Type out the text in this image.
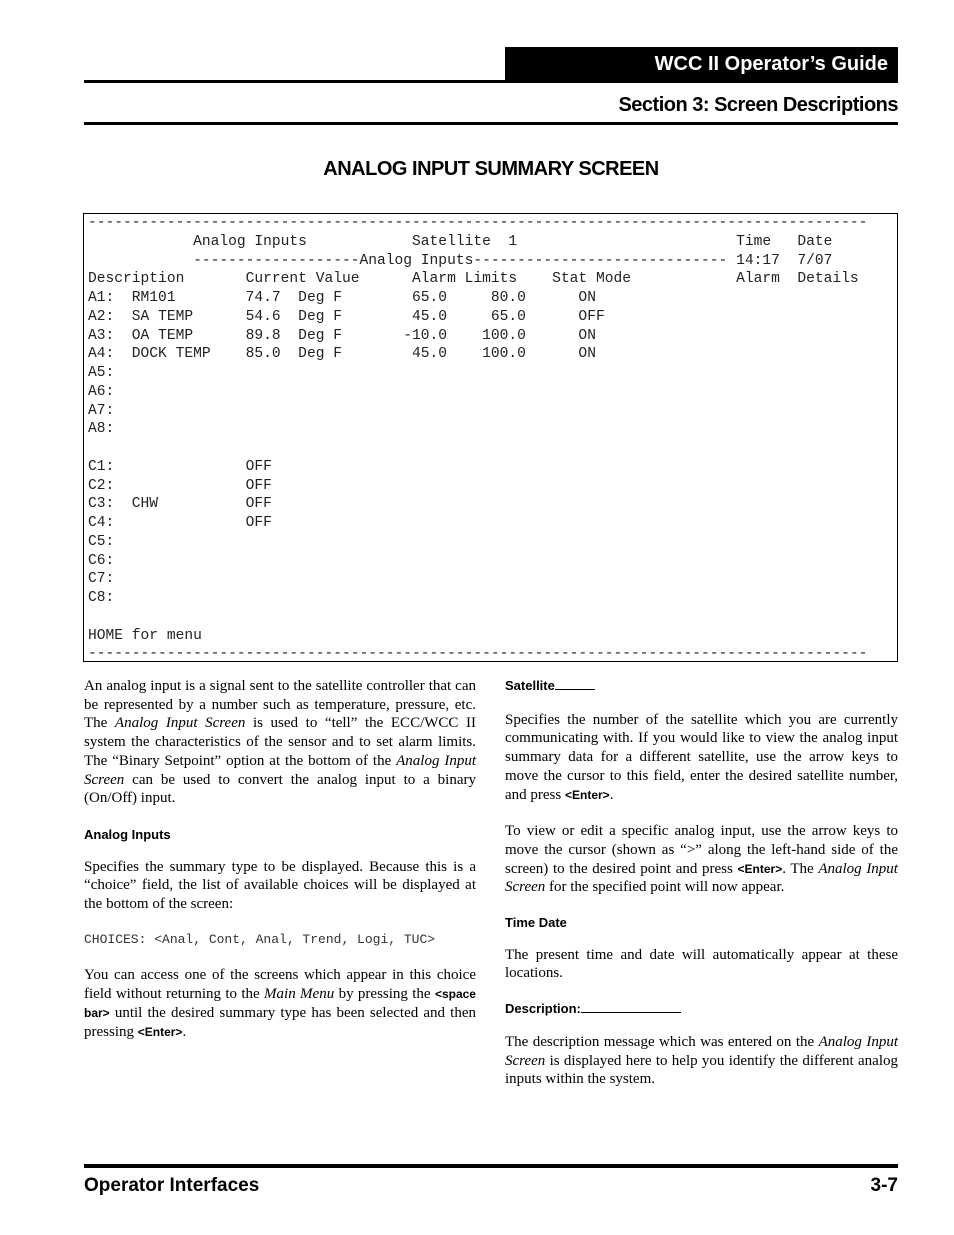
WCC II Operator’s Guide
Section 3: Screen Descriptions
ANALOG INPUT SUMMARY SCREEN
-----------------------------------------------------------------------------------------
Analog Inputs            Satellite  1                         Time   Date
-------------------Analog Inputs----------------------------- 14:17  7/07
Description       Current Value      Alarm Limits    Stat Mode            Alarm  Details
A1:  RM101        74.7  Deg F        65.0     80.0      ON
A2:  SA TEMP      54.6  Deg F        45.0     65.0      OFF
A3:  OA TEMP      89.8  Deg F       -10.0    100.0      ON
A4:  DOCK TEMP    85.0  Deg F        45.0    100.0      ON
A5:
A6:
A7:
A8:

C1:               OFF
C2:               OFF
C3:  CHW          OFF
C4:               OFF
C5:
C6:
C7:
C8:

HOME for menu
-----------------------------------------------------------------------------------------

An analog input is a signal sent to the satellite controller that can be represented by a number such as temperature, pressure, etc. The Analog Input Screen is used to “tell” the ECC/WCC II system the characteristics of the sensor and to set alarm limits. The “Binary Setpoint” option at the bottom of the Analog Input Screen can be used to convert the analog input to a binary (On/Off) input.

Analog Inputs

Specifies the summary type to be displayed. Because this is a “choice” field, the list of available choices will be displayed at the bottom of the screen:

CHOICES: <Anal, Cont, Anal, Trend, Logi, TUC>

You can access one of the screens which appear in this choice field without returning to the Main Menu by pressing the <space bar> until the desired summary type has been selected and then pressing <Enter>.

Satellite

Specifies the number of the satellite which you are currently communicating with. If you would like to view the analog input summary data for a different satellite, use the arrow keys to move the cursor to this field, enter the desired satellite number, and press <Enter>.

To view or edit a specific analog input, use the arrow keys to move the cursor (shown as “>” along the left-hand side of the screen) to the desired point and press <Enter>. The Analog Input Screen for the specified point will now appear.

Time Date

The present time and date will automatically appear at these locations.

Description:

The description message which was entered on the Analog Input Screen is displayed here to help you identify the different analog inputs within the system.

Operator Interfaces	3-7
